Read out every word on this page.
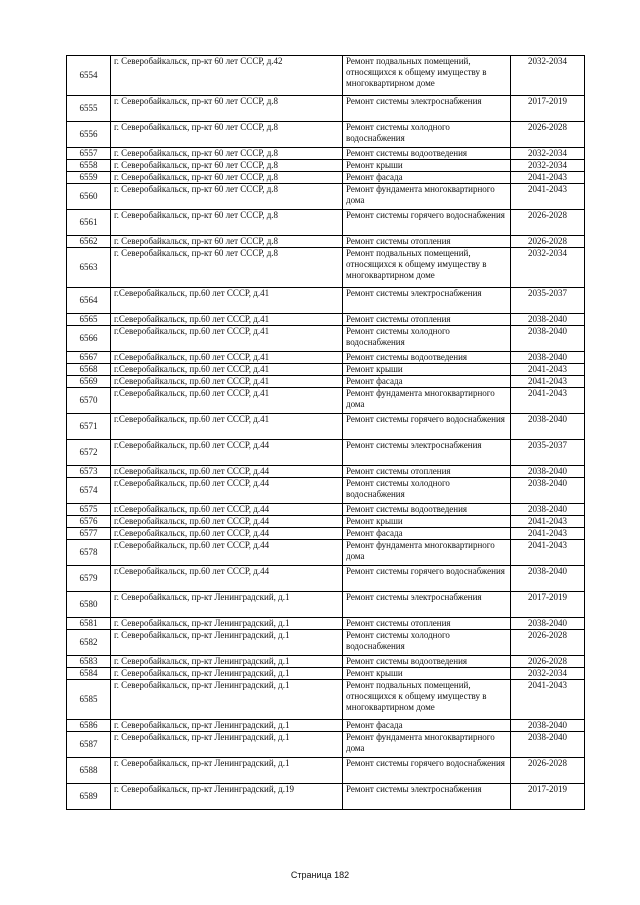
6554	г. Северобайкальск, пр-кт 60 лет СССР, д.42	Ремонт подвальных помещений, относящихся к общему имуществу в многоквартирном доме	2032-2034
6555	г. Северобайкальск, пр-кт 60 лет СССР, д.8	Ремонт системы электроснабжения	2017-2019
6556	г. Северобайкальск, пр-кт 60 лет СССР, д.8	Ремонт системы холодного водоснабжения	2026-2028
6557	г. Северобайкальск, пр-кт 60 лет СССР, д.8	Ремонт системы водоотведения	2032-2034
6558	г. Северобайкальск, пр-кт 60 лет СССР, д.8	Ремонт крыши	2032-2034
6559	г. Северобайкальск, пр-кт 60 лет СССР, д.8	Ремонт фасада	2041-2043
6560	г. Северобайкальск, пр-кт 60 лет СССР, д.8	Ремонт фундамента многоквартирного дома	2041-2043
6561	г. Северобайкальск, пр-кт 60 лет СССР, д.8	Ремонт системы горячего водоснабжения	2026-2028
6562	г. Северобайкальск, пр-кт 60 лет СССР, д.8	Ремонт системы отопления	2026-2028
6563	г. Северобайкальск, пр-кт 60 лет СССР, д.8	Ремонт подвальных помещений, относящихся к общему имуществу в многоквартирном доме	2032-2034
6564	г.Северобайкальск, пр.60 лет СССР, д.41	Ремонт системы электроснабжения	2035-2037
6565	г.Северобайкальск, пр.60 лет СССР, д.41	Ремонт системы отопления	2038-2040
6566	г.Северобайкальск, пр.60 лет СССР, д.41	Ремонт системы холодного водоснабжения	2038-2040
6567	г.Северобайкальск, пр.60 лет СССР, д.41	Ремонт системы водоотведения	2038-2040
6568	г.Северобайкальск, пр.60 лет СССР, д.41	Ремонт крыши	2041-2043
6569	г.Северобайкальск, пр.60 лет СССР, д.41	Ремонт фасада	2041-2043
6570	г.Северобайкальск, пр.60 лет СССР, д.41	Ремонт фундамента многоквартирного дома	2041-2043
6571	г.Северобайкальск, пр.60 лет СССР, д.41	Ремонт системы горячего водоснабжения	2038-2040
6572	г.Северобайкальск, пр.60 лет СССР, д.44	Ремонт системы электроснабжения	2035-2037
6573	г.Северобайкальск, пр.60 лет СССР, д.44	Ремонт системы отопления	2038-2040
6574	г.Северобайкальск, пр.60 лет СССР, д.44	Ремонт системы холодного водоснабжения	2038-2040
6575	г.Северобайкальск, пр.60 лет СССР, д.44	Ремонт системы водоотведения	2038-2040
6576	г.Северобайкальск, пр.60 лет СССР, д.44	Ремонт крыши	2041-2043
6577	г.Северобайкальск, пр.60 лет СССР, д.44	Ремонт фасада	2041-2043
6578	г.Северобайкальск, пр.60 лет СССР, д.44	Ремонт фундамента многоквартирного дома	2041-2043
6579	г.Северобайкальск, пр.60 лет СССР, д.44	Ремонт системы горячего водоснабжения	2038-2040
6580	г. Северобайкальск, пр-кт Ленинградский, д.1	Ремонт системы электроснабжения	2017-2019
6581	г. Северобайкальск, пр-кт Ленинградский, д.1	Ремонт системы отопления	2038-2040
6582	г. Северобайкальск, пр-кт Ленинградский, д.1	Ремонт системы холодного водоснабжения	2026-2028
6583	г. Северобайкальск, пр-кт Ленинградский, д.1	Ремонт системы водоотведения	2026-2028
6584	г. Северобайкальск, пр-кт Ленинградский, д.1	Ремонт крыши	2032-2034
6585	г. Северобайкальск, пр-кт Ленинградский, д.1	Ремонт подвальных помещений, относящихся к общему имуществу в многоквартирном доме	2041-2043
6586	г. Северобайкальск, пр-кт Ленинградский, д.1	Ремонт фасада	2038-2040
6587	г. Северобайкальск, пр-кт Ленинградский, д.1	Ремонт фундамента многоквартирного дома	2038-2040
6588	г. Северобайкальск, пр-кт Ленинградский, д.1	Ремонт системы горячего водоснабжения	2026-2028
6589	г. Северобайкальск, пр-кт Ленинградский, д.19	Ремонт системы электроснабжения	2017-2019
Страница 182
